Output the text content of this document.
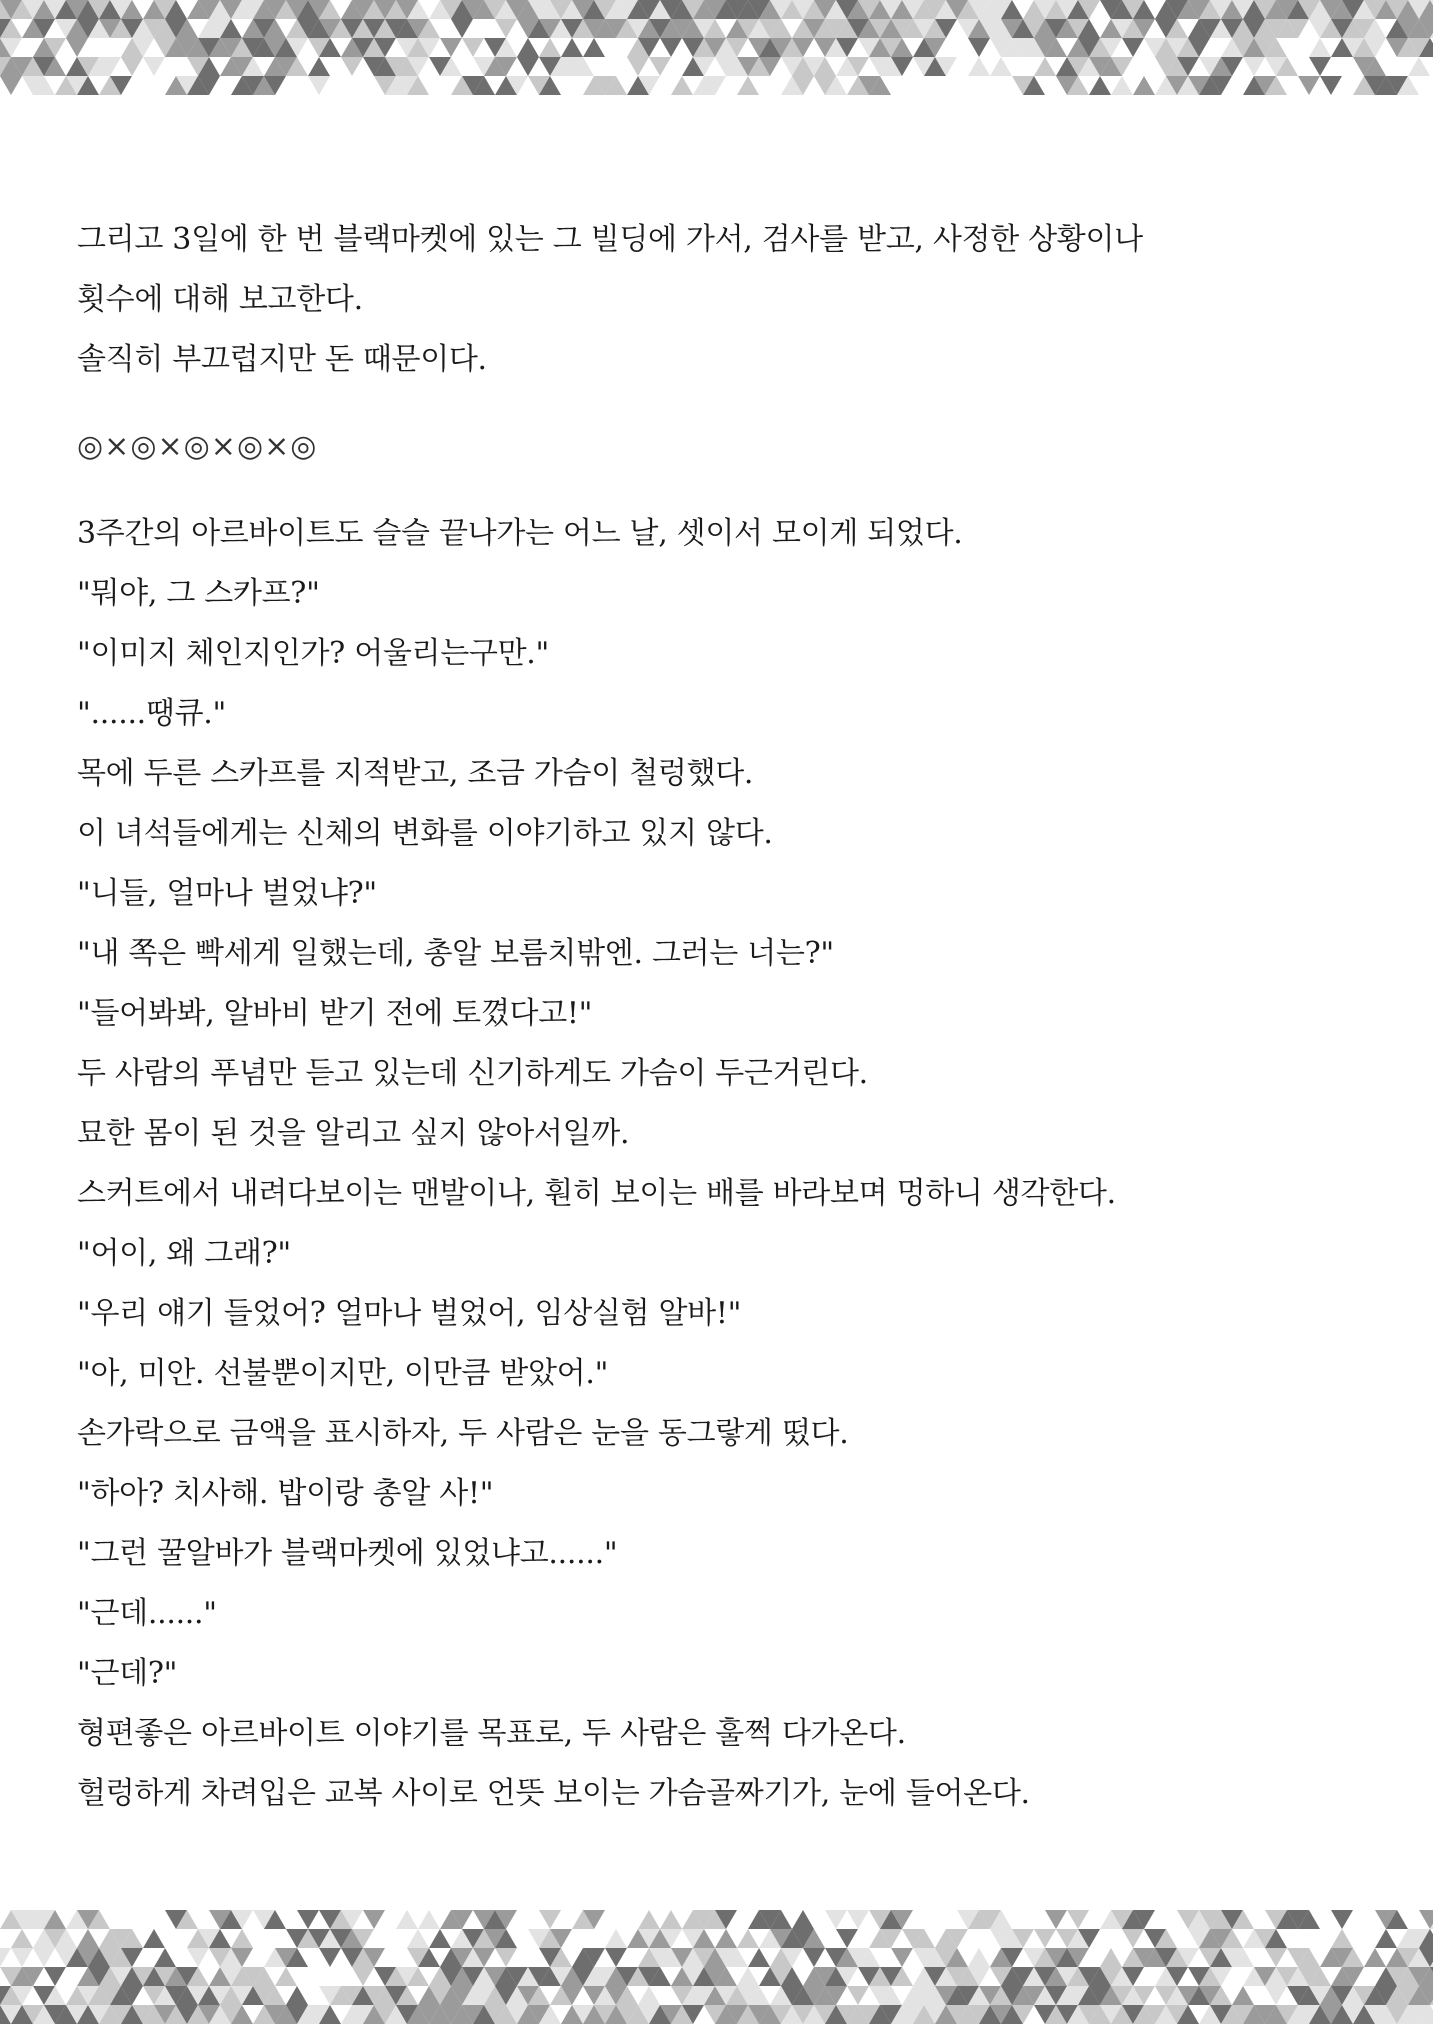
그리고 3일에 한 번 블랙마켓에 있는 그 빌딩에 가서, 검사를 받고, 사정한 상황이나

횟수에 대해 보고한다.

솔직히 부끄럽지만 돈 때문이다.

◎×◎×◎×◎×◎

3주간의 아르바이트도 슬슬 끝나가는 어느 날, 셋이서 모이게 되었다.

"뭐야, 그 스카프?"

"이미지 체인지인가? 어울리는구만."

"......땡큐."

목에 두른 스카프를 지적받고, 조금 가슴이 철렁했다.

이 녀석들에게는 신체의 변화를 이야기하고 있지 않다.

"니들, 얼마나 벌었냐?"

"내 쪽은 빡세게 일했는데, 총알 보름치밖엔. 그러는 너는?"

"들어봐봐, 알바비 받기 전에 토꼈다고!"

두 사람의 푸념만 듣고 있는데 신기하게도 가슴이 두근거린다.

묘한 몸이 된 것을 알리고 싶지 않아서일까.

스커트에서 내려다보이는 맨발이나, 훤히 보이는 배를 바라보며 멍하니 생각한다.

"어이, 왜 그래?"

"우리 얘기 들었어? 얼마나 벌었어, 임상실험 알바!"

"아, 미안. 선불뿐이지만, 이만큼 받았어."

손가락으로 금액을 표시하자, 두 사람은 눈을 동그랗게 떴다.

"하아? 치사해. 밥이랑 총알 사!"

"그런 꿀알바가 블랙마켓에 있었냐고......"

"근데......"

"근데?"

형편좋은 아르바이트 이야기를 목표로, 두 사람은 훌쩍 다가온다.

헐렁하게 차려입은 교복 사이로 언뜻 보이는 가슴골짜기가, 눈에 들어온다.
